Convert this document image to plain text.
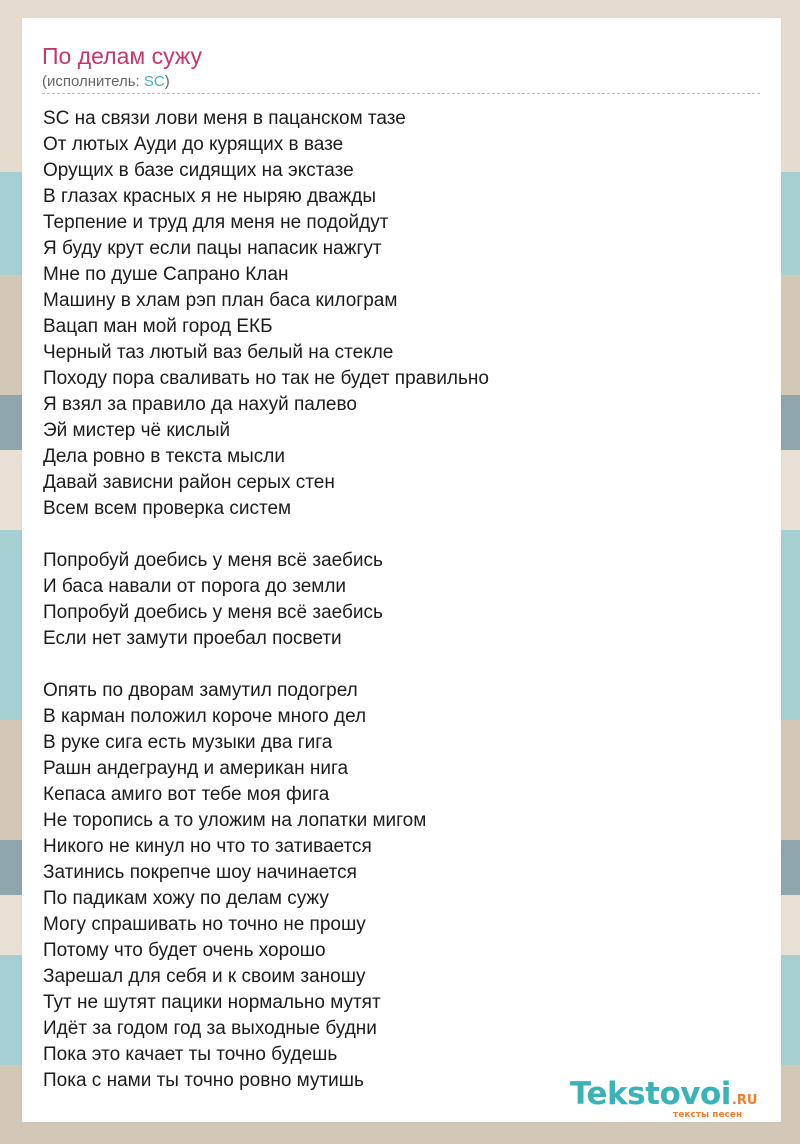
По делам сужу
(исполнитель: SC)
SC на связи лови меня в пацанском тазе
От лютых Ауди до курящих в вазе
Орущих в базе сидящих на экстазе
В глазах красных я не ныряю дважды
Терпение и труд для меня не подойдут
Я буду крут если пацы напасик нажгут
Мне по душе Сапрано Клан
Машину в хлам рэп план баса килограм
Вацап ман мой город ЕКБ
Черный таз лютый ваз белый на стекле
Походу пора сваливать но так не будет правильно
Я взял за правило да нахуй палево
Эй мистер чё кислый
Дела ровно в текста мысли
Давай зависни район серых стен
Всем всем проверка систем
Попробуй доебись у меня всё заебись
И баса навали от порога до земли
Попробуй доебись у меня всё заебись
Если нет замути проебал посвети
Опять по дворам замутил подогрел
В карман положил короче много дел
В руке сига есть музыки два гига
Рашн андеграунд и американ нига
Кепаса амиго вот тебе моя фига
Не торопись а то уложим на лопатки мигом
Никого не кинул но что то зативается
Затинись покрепче шоу начинается
По падикам хожу по делам сужу
Могу спрашивать но точно не прошу
Потому что будет очень хорошо
Зарешал для себя и к своим заношу
Тут не шутят пацики нормально мутят
Идёт за годом год за выходные будни
Пока это качает ты точно будешь
Пока с нами ты точно ровно мутишь	Tekstovoi.RU
тексты песен
